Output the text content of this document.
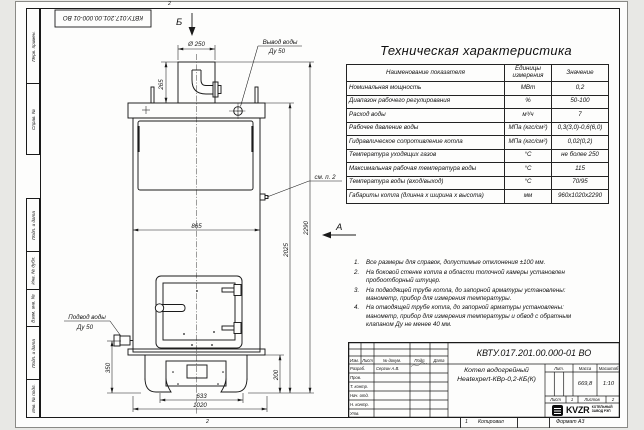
2
2	1 Копировал	Формат А3
Перв. примен.
Справ. №
Подп. и дата
Инв. № дубл.
Взам. инв. №
Подп. и дата
Инв. № подл.
КВТУ.017.201.00.000-01 ВО	Б
А
Ø 250
265
865
2025
2290
350
200
633
1020
Вывод воды
Ду 50
Подвод воды
Ду 50
см. п. 2
Техническая характеристика
Наименование показателя	Единицы измерения	Значение
Номинальная мощность	МВт	0,2
Диапазон рабочего регулирования	%	50-100
Расход воды	м³/ч	7
Рабочее давление воды	МПа (кгс/см²)	0,3(3,0)-0,6(6,0)
Гидравлическое сопротивление котла	МПа (кгс/см²)	0,02(0,2)
Температура уходящих газов	°С	не более 250
Максимальная рабочая температура воды	°С	115
Температура воды (вход/выход)	°С	70/95
Габариты котла (длинна х ширина х высота)	мм	960х1020х2290
1.	Все размеры для справок, допустимые отклонения ±100 мм.
2.	На боковой стенке котла в области топочной камеры установлен пробоотборный штуцер.
3.	На подводящей трубе котла, до запорной арматуры установлены: манометр, прибор для измерения температуры.
4.	На отводящей трубе котла, до запорной арматуры установлены: манометр, прибор для измерения температуры и обвод с обратным клапаном Ду не менее 40 мм.
Изм. Лист	№ докум.	Подп.	Дата
Разраб.
Пров.
Т. контр.
Нач. отд.
Н. контр.
Утв.
Сергин А.В.
КВТУ.017.201.00.000-01 ВО
Котел водогрейный
Heatexpert-КВр-0,2-КБ(К)
Лит.	Масса	Масштаб
669,8	1:10
Лист	1	Листов	2
KVZR КОТЕЛЬНЫЙ
ЗАВОД РЭП
